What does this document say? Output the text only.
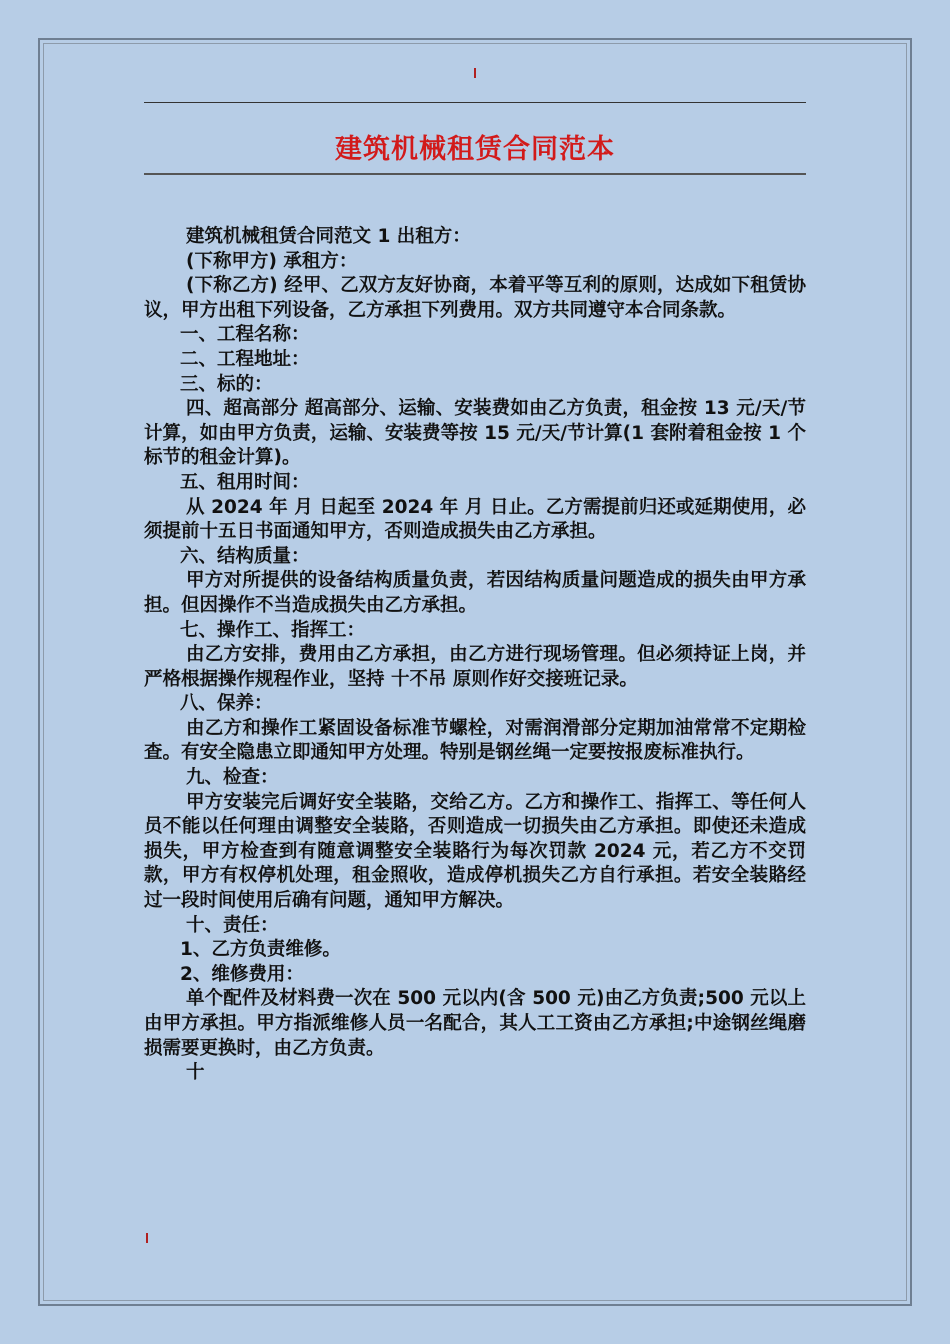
建筑机械租赁合同范本

建筑机械租赁合同范文 1 出租方：

(下称甲方) 承租方：

(下称乙方) 经甲、乙双方友好协商，本着平等互利的原则，达成如下租赁协议，甲方出租下列设备，乙方承担下列费用。双方共同遵守本合同条款。

一、工程名称：

二、工程地址：

三、标的：

四、超高部分 超高部分、运输、安装费如由乙方负责，租金按 13 元/天/节计算，如由甲方负责，运输、安装费等按 15 元/天/节计算(1 套附着租金按 1 个标节的租金计算)。

五、租用时间：

从 2024 年 月 日起至 2024 年 月 日止。乙方需提前归还或延期使用，必须提前十五日书面通知甲方，否则造成损失由乙方承担。

六、结构质量：

甲方对所提供的设备结构质量负责，若因结构质量问题造成的损失由甲方承担。但因操作不当造成损失由乙方承担。

七、操作工、指挥工：

由乙方安排，费用由乙方承担，由乙方进行现场管理。但必须持证上岗，并严格根据操作规程作业，坚持 十不吊 原则作好交接班记录。

八、保养：

由乙方和操作工紧固设备标准节螺栓，对需润滑部分定期加油常常不定期检查。有安全隐患立即通知甲方处理。特别是钢丝绳一定要按报废标准执行。

九、检查：

甲方安装完后调好安全装賂，交给乙方。乙方和操作工、指挥工、等任何人员不能以任何理由调整安全装賂，否则造成一切损失由乙方承担。即使还未造成损失，甲方检查到有随意调整安全装賂行为每次罚款 2024 元，若乙方不交罚款，甲方有权停机处理，租金照收，造成停机损失乙方自行承担。若安全装賂经过一段时间使用后确有问题，通知甲方解决。

十、责任：

1、乙方负责维修。

2、维修费用：

单个配件及材料费一次在 500 元以内(含 500 元)由乙方负责;500 元以上由甲方承担。甲方指派维修人员一名配合，其人工工资由乙方承担;中途钢丝绳磨损需要更换时，由乙方负责。

十
